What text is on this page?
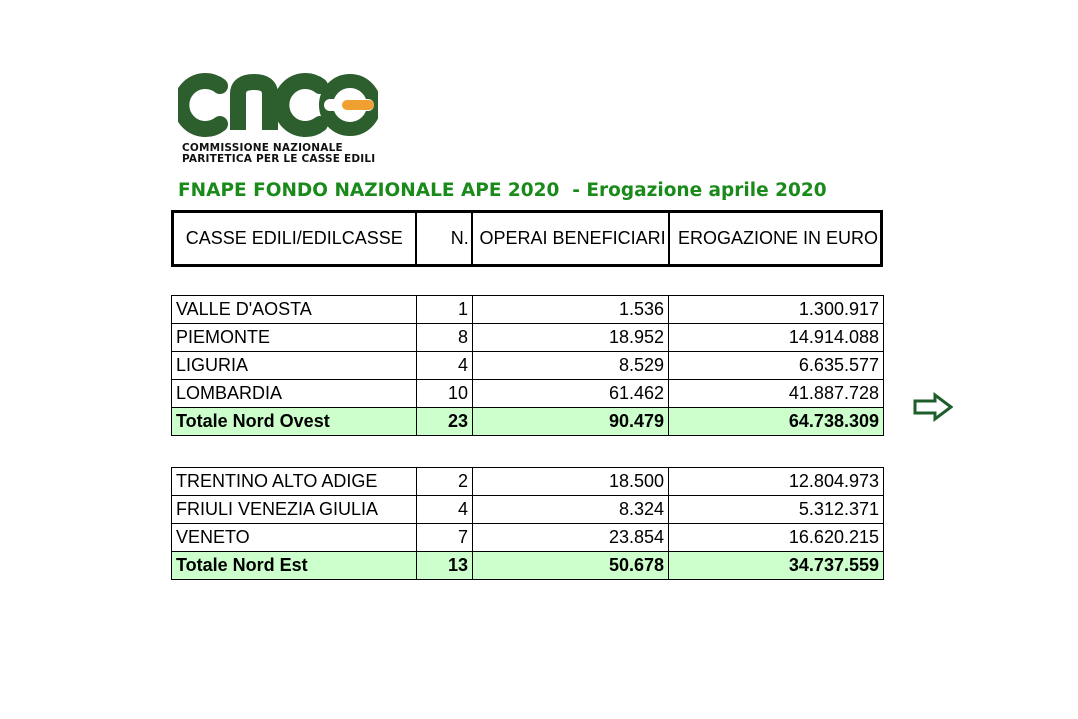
COMMISSIONE NAZIONALE
PARITETICA PER LE CASSE EDILI
FNAPE FONDO NAZIONALE APE 2020  - Erogazione aprile 2020
CASSE EDILI/EDILCASSE	N.	OPERAI BENEFICIARI	EROGAZIONE IN EURO
VALLE D'AOSTA	1	1.536	1.300.917
PIEMONTE	8	18.952	14.914.088
LIGURIA	4	8.529	6.635.577
LOMBARDIA	10	61.462	41.887.728
Totale Nord Ovest	23	90.479	64.738.309
TRENTINO ALTO ADIGE	2	18.500	12.804.973
FRIULI VENEZIA GIULIA	4	8.324	5.312.371
VENETO	7	23.854	16.620.215
Totale Nord Est	13	50.678	34.737.559
